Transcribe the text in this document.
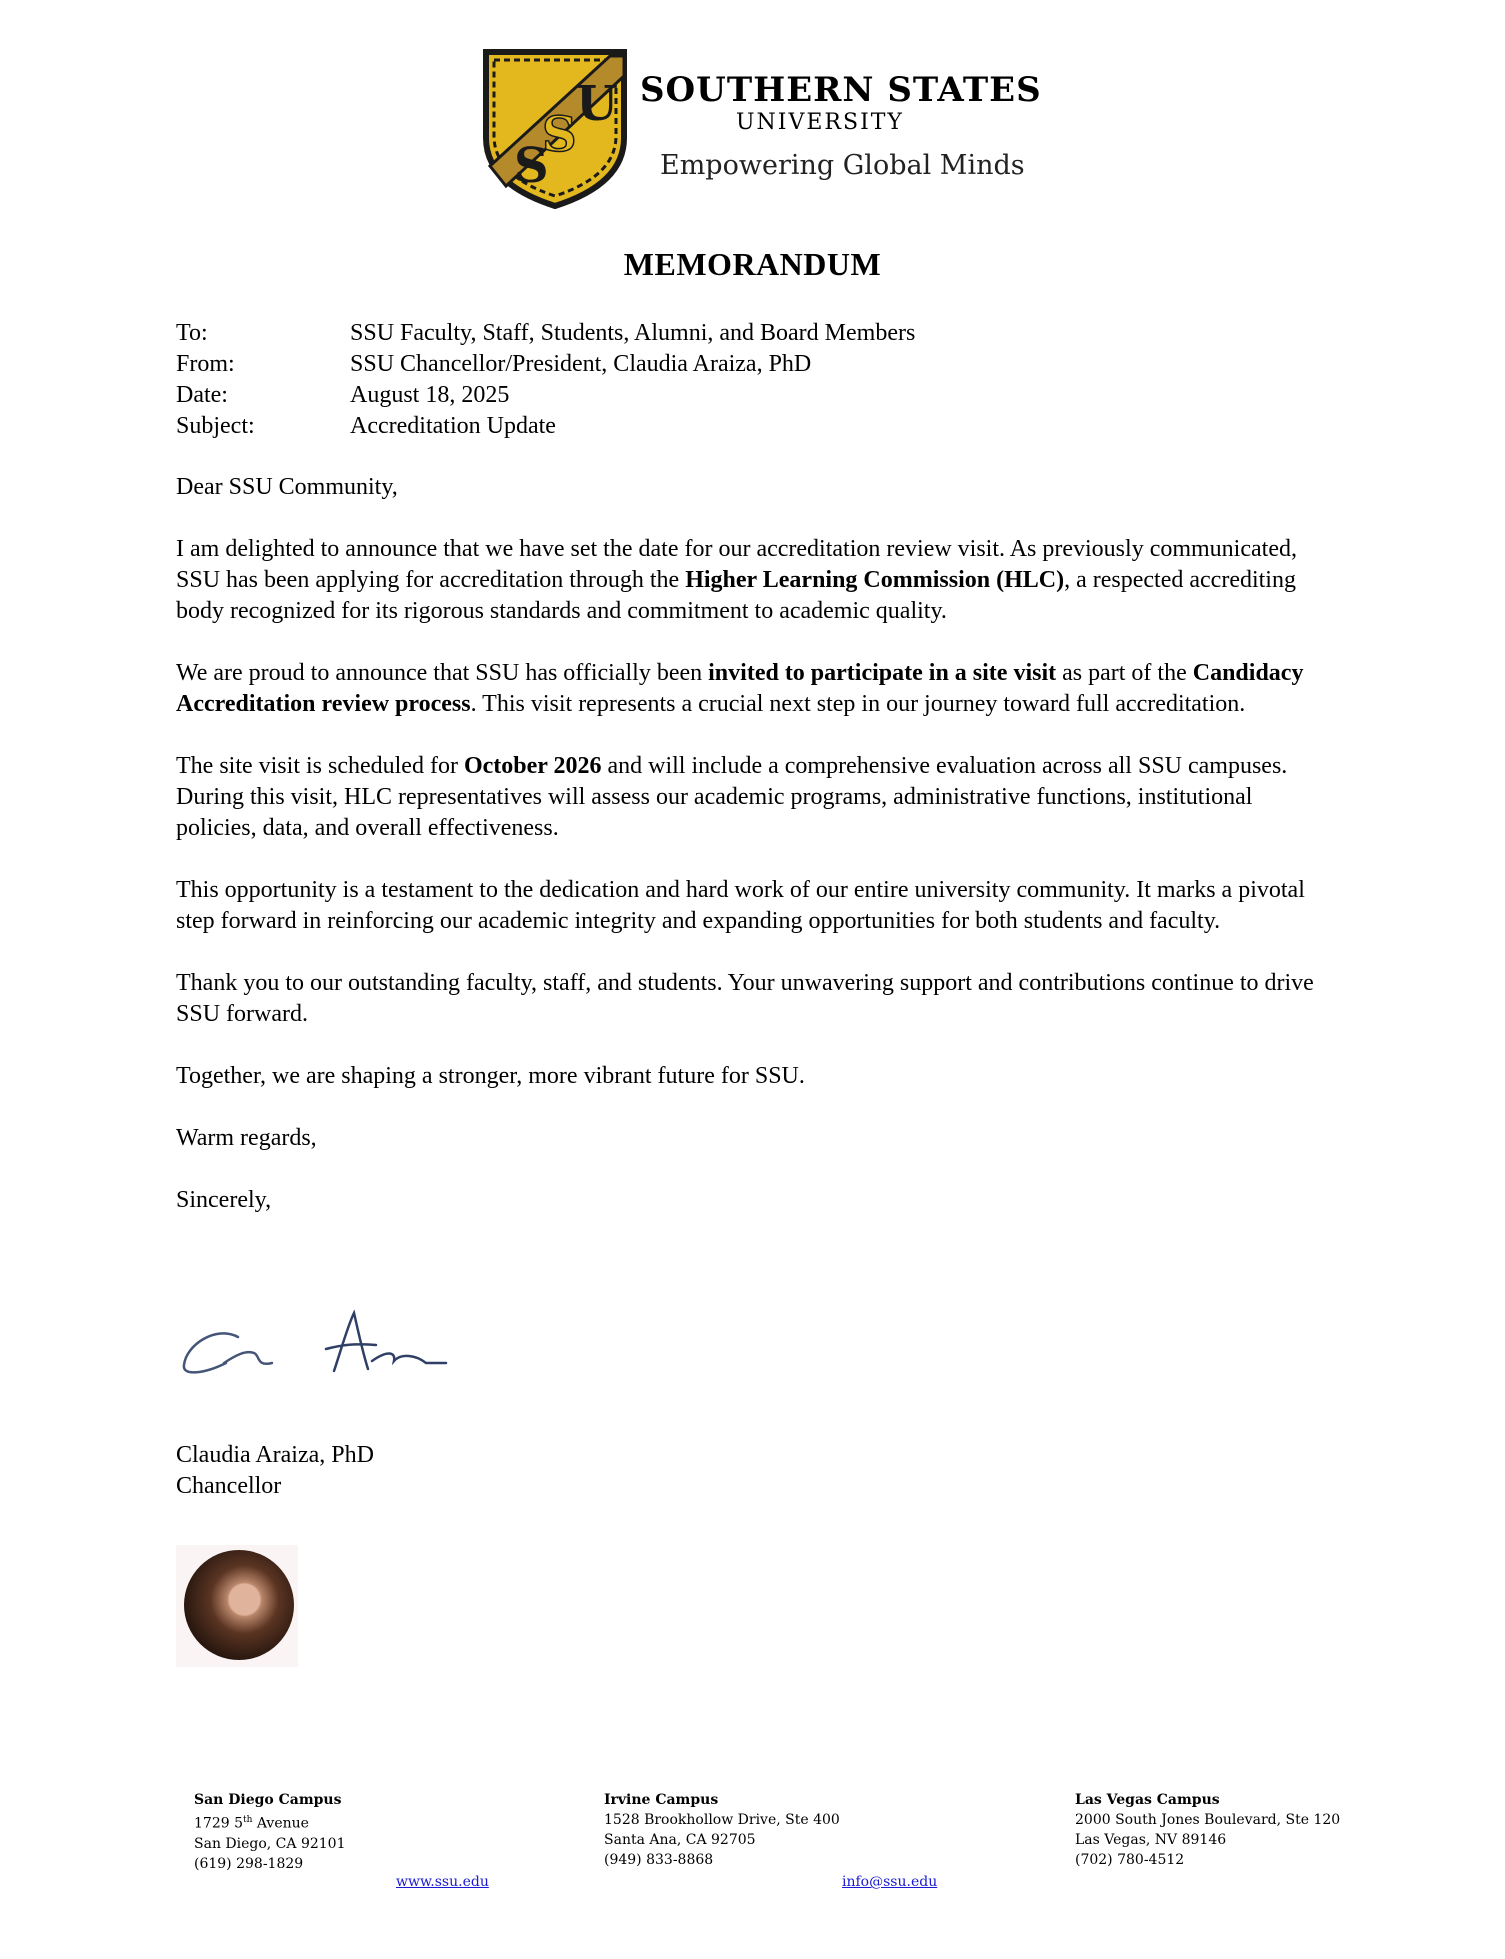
S
S
U SOUTHERN STATES
UNIVERSITY
Empowering Global Minds
MEMORANDUM
To:	SSU Faculty, Staff, Students, Alumni, and Board Members
From:	SSU Chancellor/President, Claudia Araiza, PhD
Date:	August 18, 2025
Subject:	Accreditation Update

Dear SSU Community,

I am delighted to announce that we have set the date for our accreditation review visit. As previously communicated, SSU has been applying for accreditation through the Higher Learning Commission (HLC), a respected accrediting body recognized for its rigorous standards and commitment to academic quality.

We are proud to announce that SSU has officially been invited to participate in a site visit as part of the Candidacy Accreditation review process. This visit represents a crucial next step in our journey toward full accreditation.

The site visit is scheduled for October 2026 and will include a comprehensive evaluation across all SSU campuses. During this visit, HLC representatives will assess our academic programs, administrative functions, institutional policies, data, and overall effectiveness.

This opportunity is a testament to the dedication and hard work of our entire university community. It marks a pivotal step forward in reinforcing our academic integrity and expanding opportunities for both students and faculty.

Thank you to our outstanding faculty, staff, and students. Your unwavering support and contributions continue to drive SSU forward.

Together, we are shaping a stronger, more vibrant future for SSU.

Warm regards,

Sincerely,

Claudia Araiza, PhD
Chancellor
San Diego Campus
1729 5th Avenue
San Diego, CA 92101
(619) 298-1829
Irvine Campus
1528 Brookhollow Drive, Ste 400
Santa Ana, CA 92705
(949) 833-8868
Las Vegas Campus
2000 South Jones Boulevard, Ste 120
Las Vegas, NV 89146
(702) 780-4512
www.ssu.edu	info@ssu.edu
